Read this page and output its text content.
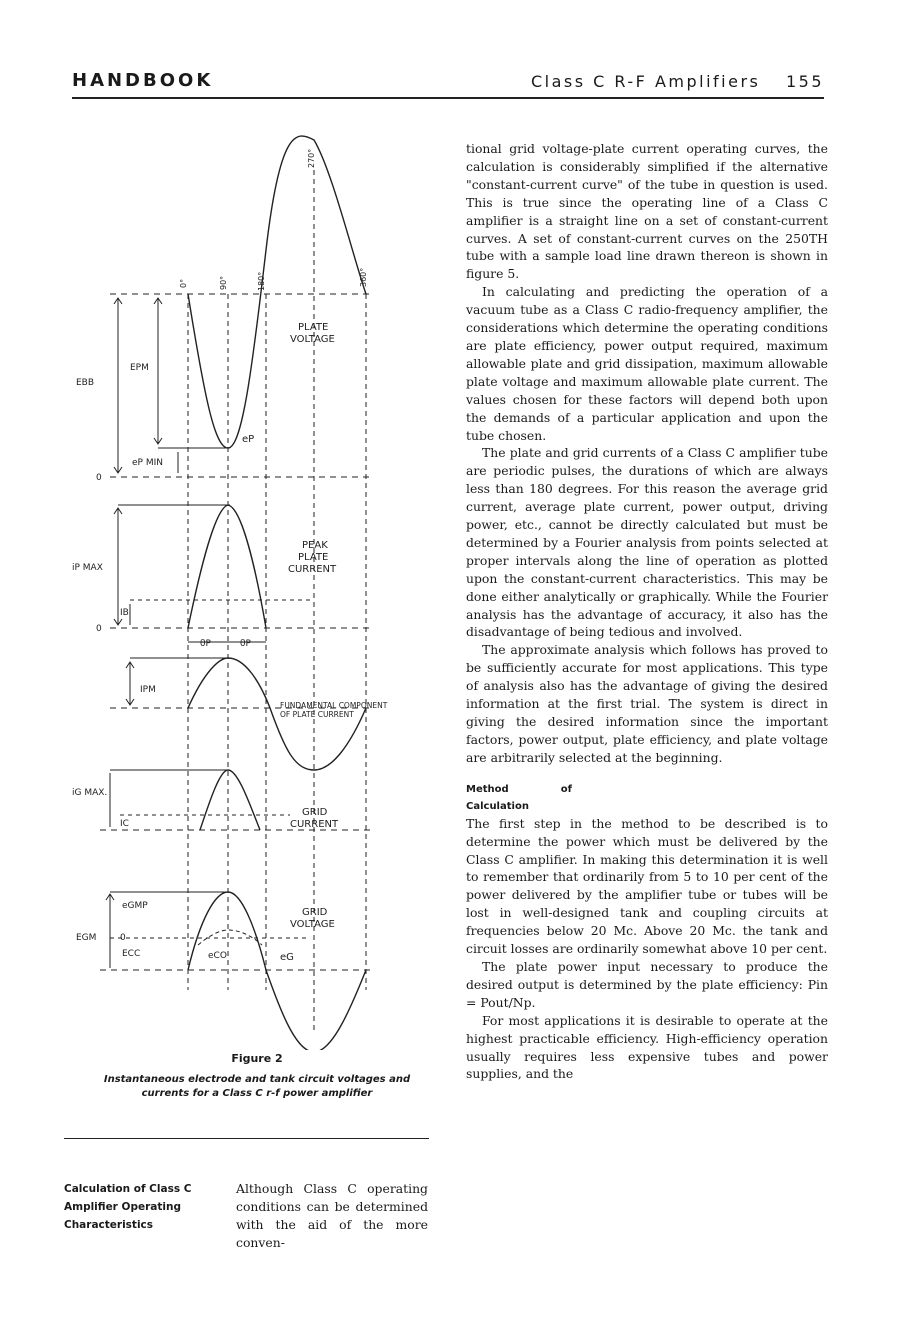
HANDBOOK	Class C R-F Amplifiers 155
0°	90°	180°
270°
360°
PLATE
VOLTAGE
EBB
EPM
eP MIN
eP
0
PEAK
PLATE
CURRENT
iP MAX
IB
0
θP	θP
IPM
FUNDAMENTAL COMPONENT
OF PLATE CURRENT
iG MAX.
IC
GRID
CURRENT
eGMP
EGM	0
ECC	eCO	eG
GRID
VOLTAGE
Figure 2
Instantaneous electrode and tank circuit voltages and currents for a Class C r-f power amplifier
Calculation of Class C Amplifier Operating Characteristics
Although Class C operating conditions can be determined with the aid of the more conven-

tional grid voltage-plate current operating curves, the calculation is considerably simplified if the alternative "constant-current curve" of the tube in question is used. This is true since the operating line of a Class C amplifier is a straight line on a set of constant-current curves. A set of constant-current curves on the 250TH tube with a sample load line drawn thereon is shown in figure 5.

In calculating and predicting the operation of a vacuum tube as a Class C radio-frequency amplifier, the considerations which determine the operating conditions are plate efficiency, power output required, maximum allowable plate and grid dissipation, maximum allowable plate voltage and maximum allowable plate current. The values chosen for these factors will depend both upon the demands of a particular application and upon the tube chosen.

The plate and grid currents of a Class C amplifier tube are periodic pulses, the durations of which are always less than 180 degrees. For this reason the average grid current, average plate current, power output, driving power, etc., cannot be directly calculated but must be determined by a Fourier analysis from points selected at proper intervals along the line of operation as plotted upon the constant-current characteristics. This may be done either analytically or graphically. While the Fourier analysis has the advantage of accuracy, it also has the disadvantage of being tedious and involved.

The approximate analysis which follows has proved to be sufficiently accurate for most applications. This type of analysis also has the advantage of giving the desired information at the first trial. The system is direct in giving the desired information since the important factors, power output, plate efficiency, and plate voltage are arbitrarily selected at the beginning.

Method of Calculation

The first step in the method to be described is to determine the power which must be delivered by the Class C amplifier. In making this determination it is well to remember that ordinarily from 5 to 10 per cent of the power delivered by the amplifier tube or tubes will be lost in well-designed tank and coupling circuits at frequencies below 20 Mc. Above 20 Mc. the tank and circuit losses are ordinarily somewhat above 10 per cent.

The plate power input necessary to produce the desired output is determined by the plate efficiency: Pin = Pout/Np.

For most applications it is desirable to operate at the highest practicable efficiency. High-efficiency operation usually requires less expensive tubes and power supplies, and the
